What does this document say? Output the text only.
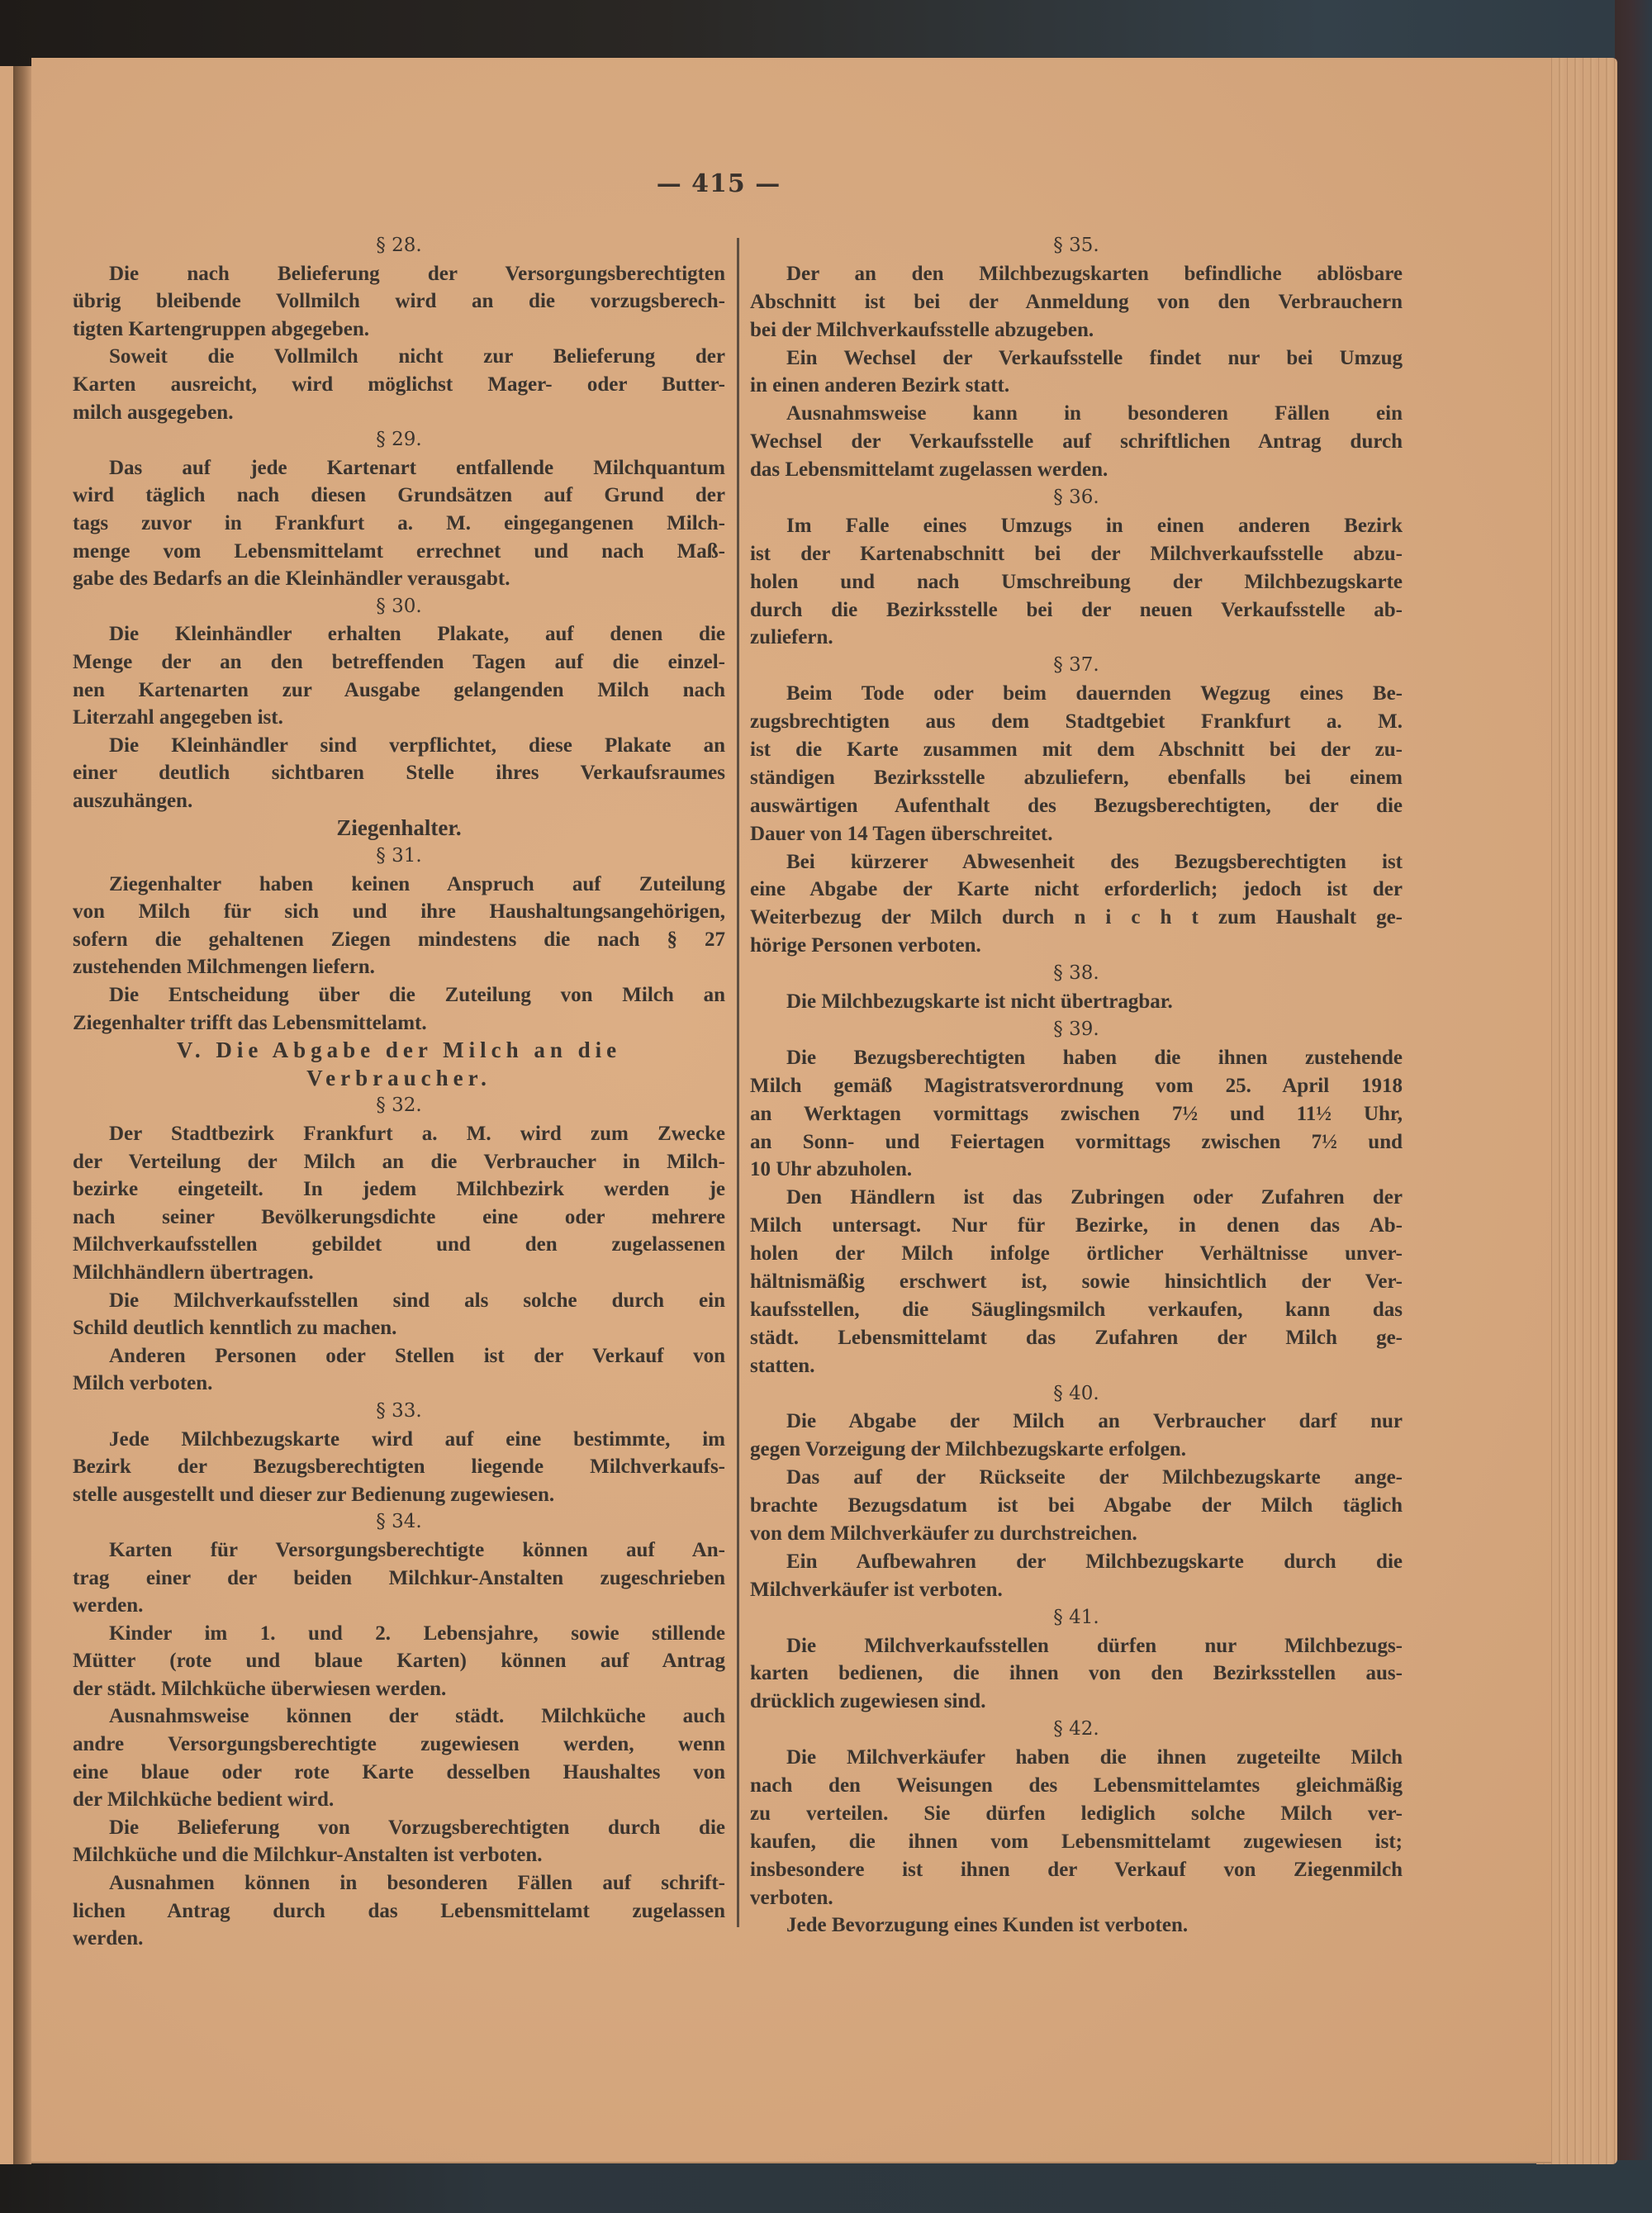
— 415 —
§ 28.
Die nach Belieferung der Versorgungsberechtigten
übrig bleibende Vollmilch wird an die vorzugsberech-
tigten Kartengruppen abgegeben.
Soweit die Vollmilch nicht zur Belieferung der
Karten ausreicht, wird möglichst Mager- oder Butter-
milch ausgegeben.
§ 29.
Das auf jede Kartenart entfallende Milchquantum
wird täglich nach diesen Grundsätzen auf Grund der
tags zuvor in Frankfurt a. M. eingegangenen Milch-
menge vom Lebensmittelamt errechnet und nach Maß-
gabe des Bedarfs an die Kleinhändler verausgabt.
§ 30.
Die Kleinhändler erhalten Plakate, auf denen die
Menge der an den betreffenden Tagen auf die einzel-
nen Kartenarten zur Ausgabe gelangenden Milch nach
Literzahl angegeben ist.
Die Kleinhändler sind verpflichtet, diese Plakate an
einer deutlich sichtbaren Stelle ihres Verkaufsraumes
auszuhängen.
Ziegenhalter.
§ 31.
Ziegenhalter haben keinen Anspruch auf Zuteilung
von Milch für sich und ihre Haushaltungsangehörigen,
sofern die gehaltenen Ziegen mindestens die nach § 27
zustehenden Milchmengen liefern.
Die Entscheidung über die Zuteilung von Milch an
Ziegenhalter trifft das Lebensmittelamt.
V. Die Abgabe der Milch an die
Verbraucher.
§ 32.
Der Stadtbezirk Frankfurt a. M. wird zum Zwecke
der Verteilung der Milch an die Verbraucher in Milch-
bezirke eingeteilt. In jedem Milchbezirk werden je
nach seiner Bevölkerungsdichte eine oder mehrere
Milchverkaufsstellen gebildet und den zugelassenen
Milchhändlern übertragen.
Die Milchverkaufsstellen sind als solche durch ein
Schild deutlich kenntlich zu machen.
Anderen Personen oder Stellen ist der Verkauf von
Milch verboten.
§ 33.
Jede Milchbezugskarte wird auf eine bestimmte, im
Bezirk der Bezugsberechtigten liegende Milchverkaufs-
stelle ausgestellt und dieser zur Bedienung zugewiesen.
§ 34.
Karten für Versorgungsberechtigte können auf An-
trag einer der beiden Milchkur-Anstalten zugeschrieben
werden.
Kinder im 1. und 2. Lebensjahre, sowie stillende
Mütter (rote und blaue Karten) können auf Antrag
der städt. Milchküche überwiesen werden.
Ausnahmsweise können der städt. Milchküche auch
andre Versorgungsberechtigte zugewiesen werden, wenn
eine blaue oder rote Karte desselben Haushaltes von
der Milchküche bedient wird.
Die Belieferung von Vorzugsberechtigten durch die
Milchküche und die Milchkur-Anstalten ist verboten.
Ausnahmen können in besonderen Fällen auf schrift-
lichen Antrag durch das Lebensmittelamt zugelassen
werden.
§ 35.
Der an den Milchbezugskarten befindliche ablösbare
Abschnitt ist bei der Anmeldung von den Verbrauchern
bei der Milchverkaufsstelle abzugeben.
Ein Wechsel der Verkaufsstelle findet nur bei Umzug
in einen anderen Bezirk statt.
Ausnahmsweise kann in besonderen Fällen ein
Wechsel der Verkaufsstelle auf schriftlichen Antrag durch
das Lebensmittelamt zugelassen werden.
§ 36.
Im Falle eines Umzugs in einen anderen Bezirk
ist der Kartenabschnitt bei der Milchverkaufsstelle abzu-
holen und nach Umschreibung der Milchbezugskarte
durch die Bezirksstelle bei der neuen Verkaufsstelle ab-
zuliefern.
§ 37.
Beim Tode oder beim dauernden Wegzug eines Be-
zugsbrechtigten aus dem Stadtgebiet Frankfurt a. M.
ist die Karte zusammen mit dem Abschnitt bei der zu-
ständigen Bezirksstelle abzuliefern, ebenfalls bei einem
auswärtigen Aufenthalt des Bezugsberechtigten, der die
Dauer von 14 Tagen überschreitet.
Bei kürzerer Abwesenheit des Bezugsberechtigten ist
eine Abgabe der Karte nicht erforderlich; jedoch ist der
Weiterbezug der Milch durch n i c h t zum Haushalt ge-
hörige Personen verboten.
§ 38.
Die Milchbezugskarte ist nicht übertragbar.
§ 39.
Die Bezugsberechtigten haben die ihnen zustehende
Milch gemäß Magistratsverordnung vom 25. April 1918
an Werktagen vormittags zwischen 7½ und 11½ Uhr,
an Sonn- und Feiertagen vormittags zwischen 7½ und
10 Uhr abzuholen.
Den Händlern ist das Zubringen oder Zufahren der
Milch untersagt. Nur für Bezirke, in denen das Ab-
holen der Milch infolge örtlicher Verhältnisse unver-
hältnismäßig erschwert ist, sowie hinsichtlich der Ver-
kaufsstellen, die Säuglingsmilch verkaufen, kann das
städt. Lebensmittelamt das Zufahren der Milch ge-
statten.
§ 40.
Die Abgabe der Milch an Verbraucher darf nur
gegen Vorzeigung der Milchbezugskarte erfolgen.
Das auf der Rückseite der Milchbezugskarte ange-
brachte Bezugsdatum ist bei Abgabe der Milch täglich
von dem Milchverkäufer zu durchstreichen.
Ein Aufbewahren der Milchbezugskarte durch die
Milchverkäufer ist verboten.
§ 41.
Die Milchverkaufsstellen dürfen nur Milchbezugs-
karten bedienen, die ihnen von den Bezirksstellen aus-
drücklich zugewiesen sind.
§ 42.
Die Milchverkäufer haben die ihnen zugeteilte Milch
nach den Weisungen des Lebensmittelamtes gleichmäßig
zu verteilen. Sie dürfen lediglich solche Milch ver-
kaufen, die ihnen vom Lebensmittelamt zugewiesen ist;
insbesondere ist ihnen der Verkauf von Ziegenmilch
verboten.
Jede Bevorzugung eines Kunden ist verboten.
